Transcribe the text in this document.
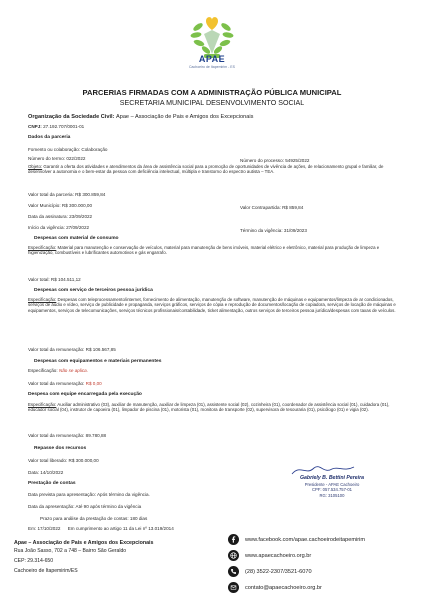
APAE
Cachoeiro de Itapemirim - ES
PARCERIAS FIRMADAS COM A ADMINISTRAÇÃO PÚBLICA MUNICIPAL
SECRETARIA MUNICIPAL DESENVOLVIMENTO SOCIAL
Organização da Sociedade Civil: Apae – Associação de Pais e Amigos dos Excepcionais
CNPJ: 27.192.707/0001-01
Dados da parceria
Fomento ou colaboração: Colaboração
Número do termo: 022/2022	Número do processo: 54925/2022
Objeto: Garantir a oferta dos atividades e atendimentos da área de assistência social para a promoção de oportunidades de vivência de ações, de relacionamento grupal e familiar, de desenvolver a autonomia e o bem-estar da pessoa com deficiência intelectual, múltipla e transtorno do espectro autista – TEA.
Valor total da parceria: R$ 300.859,84
Valor Município: R$ 300.000,00	Valor Contrapartida: R$ 859,84
Data da assinatura: 23/09/2022
Início da vigência: 27/09/2022
Término da vigência: 31/09/2023
Despesas com material de consumo
Especificação: Material para manutenção e conservação de veículos, material para manutenção de bens imóveis, material elétrico e eletrônico, material para produção de limpeza e higienização, combustíveis e lubrificantes automotivos e gás engarrafo.
Valor total: R$ 104.511,12
Despesas com serviço de terceiros pessoa jurídica
Especificação: Despesas com teleprocessamento/internet, fornecimento de alimentação, manutenção de software, manutenção de máquinas e equipamentos/limpeza de ar condicionados, serviços de áudio e vídeo, serviço de publicidade e propaganda, serviços gráficos, serviços de cópia e reprodução de documentos/locação de copiadora, serviços de locação de máquinas e equipamentos, serviços de telecomunicações, serviços técnicos profissionais/contabilidade, ticket alimentação, outros serviços de terceiros pessoa jurídica/despesas com taxas de veículos.
Valor total da remuneração: R$ 106.567,85
Despesas com equipamentos e materiais permanentes
Especificação: Não se aplica.
Valor total da remuneração: R$ 0,00
Despesa com equipe encarregada pela execução
Especificação: Auxiliar administrativo (03), auxiliar de manutenção, auxiliar de limpeza (01), assistente social (02), cozinheira (01), coordenador de assistência social (01), cuidadora (01), educador social (04), instrutor de capoeira (01), limpador de piscina (01), motorista (01), monitora de transporte (02), supervisora de tesouraria (01), psicólogo (01) e vigia (02).
Valor total da remuneração: 89.780,88
Repasse dos recursos
Valor total liberado: R$ 300.000,00
Data: 14/10/2022
Prestação de contas
Data prevista para apresentação: Após término da vigência.
Data da apresentação: Até 90 após término da vigência
Prazo para análise da prestação de contas: 180 dias
Em: 17/10/2022 Em cumprimento ao artigo 11 da Lei nº 13.019/2014
Gabriely B. Bettini Pereira
Presidente - APAE Cachoeiro
CPF: 057.534.757-01
RG: 3105100
Apae – Associação de Pais e Amigos dos Excepcionais
Rua João Sasso, 702 a 748 – Bairro São Geraldo
CEP: 29.314-650
Cachoeiro de Itapemirim/ES
www.facebook.com/apae.cachoeirodeitapemirim
www.apaecachoeiro.org.br
(28) 3522-2307/3521-6070
contato@apaecachoeiro.org.br
